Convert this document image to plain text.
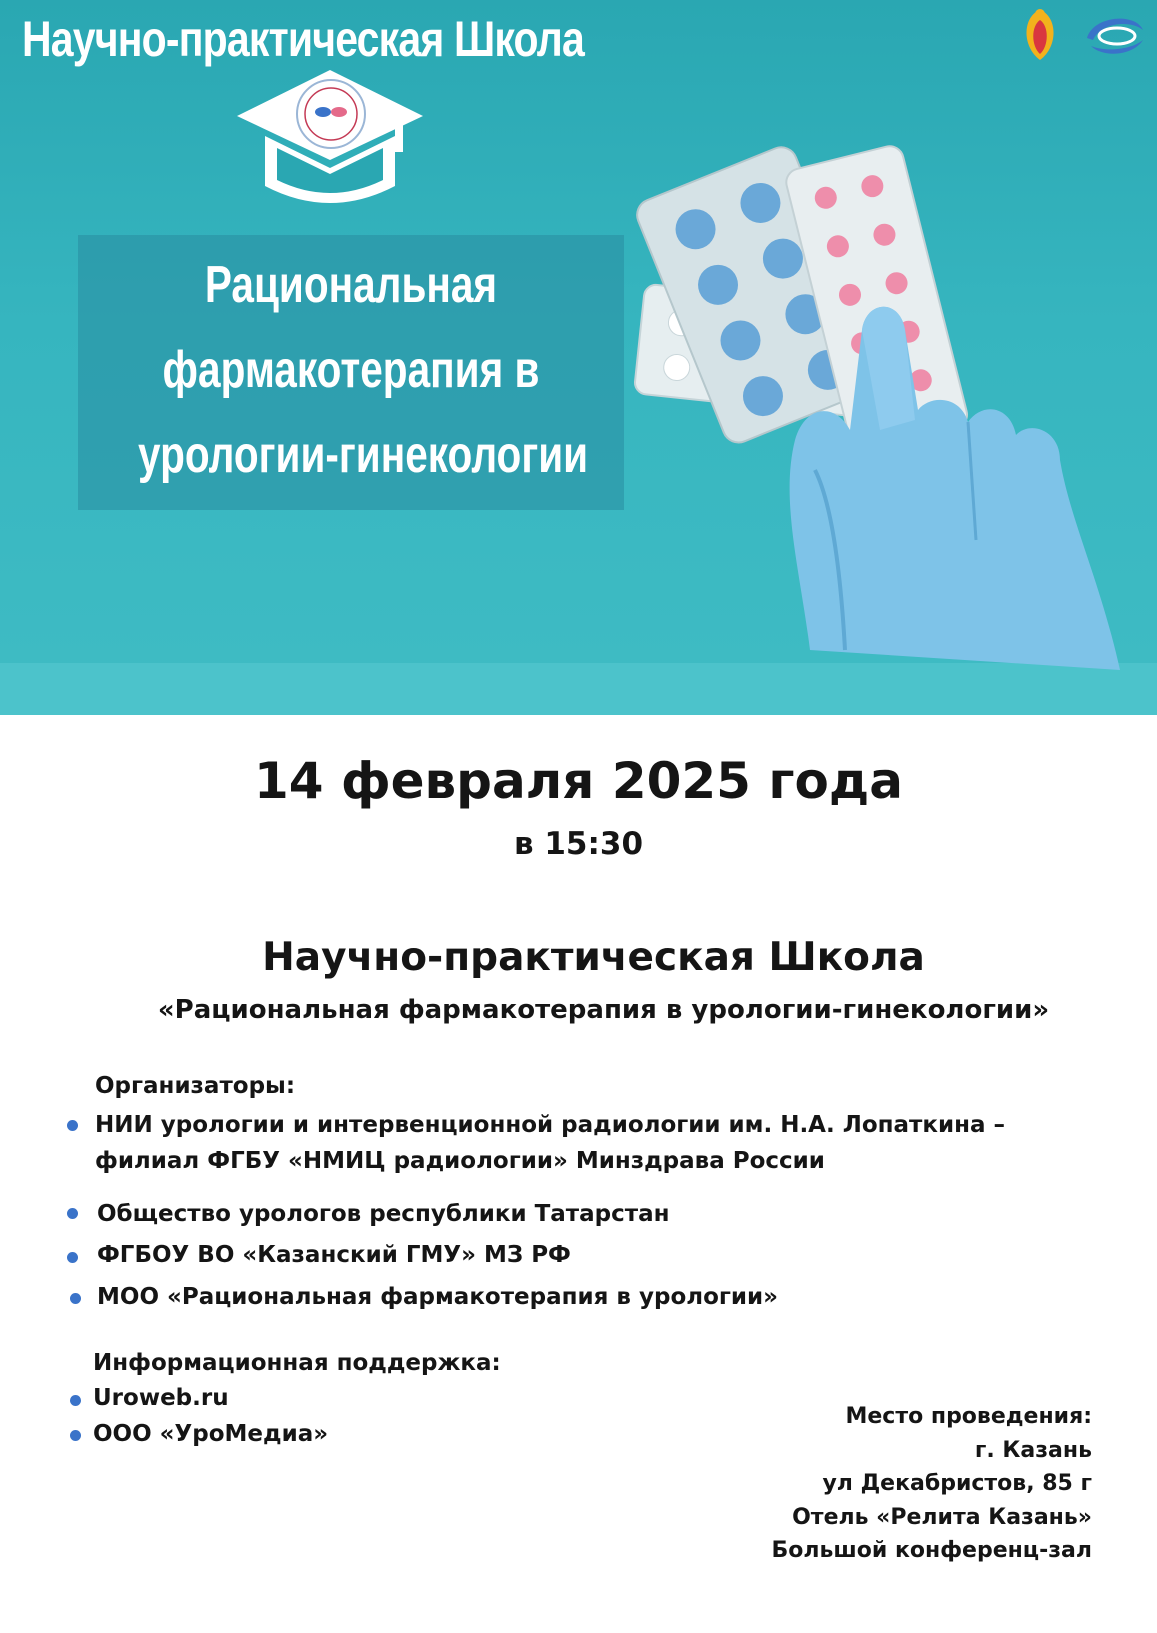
Научно-практическая Школа
Рациональная
фармакотерапия в
урологии-гинекологии
14 февраля 2025 года
в 15:30
Научно-практическая Школа
«Рациональная фармакотерапия в урологии-гинекологии»
Организаторы:
НИИ урологии и интервенционной радиологии им. Н.А. Лопаткина –
филиал ФГБУ «НМИЦ радиологии» Минздрава России
Общество урологов республики Татарстан
ФГБОУ ВО «Казанский ГМУ» МЗ РФ
МОО «Рациональная фармакотерапия в урологии»
Информационная поддержка:
Uroweb.ru
ООО «УроМедиа»
Место проведения:
г. Казань
ул Декабристов, 85 г
Отель «Релита Казань»
Большой конференц-зал
